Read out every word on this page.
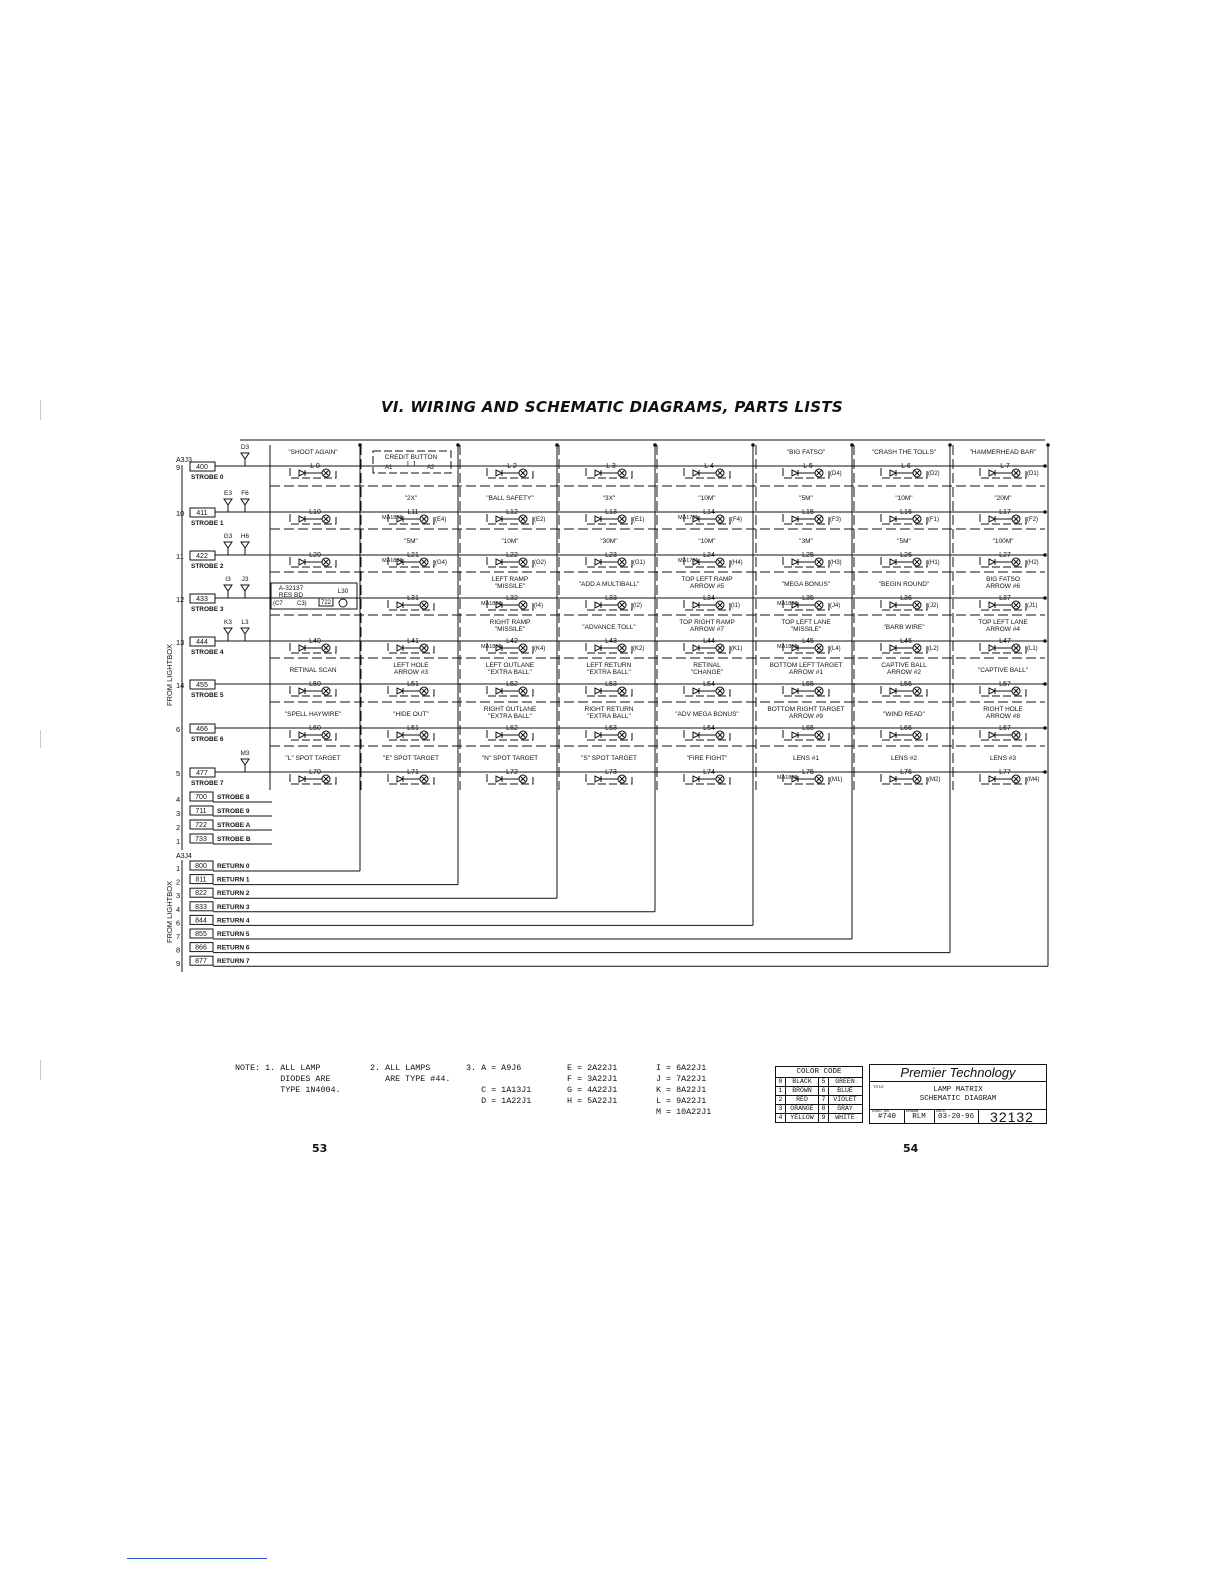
VI. WIRING AND SCHEMATIC DIAGRAMS, PARTS LISTS
A3J3
A3J4
FROM LIGHTBOX
FROM LIGHTBOX
400
9
STROBE 0
D3
411
10
STROBE 1
F6
E3
422
11
STROBE 2
H6
G3
433
12
STROBE 3
J3
I3
444
13
STROBE 4
L3
K3
455
14
STROBE 5
466
6
STROBE 6
477
5
STROBE 7
M3
700
4	STROBE 8
711
3	STROBE 9
722
2	STROBE A
733
1	STROBE B
800
1	RETURN 0
811
2	RETURN 1
822
3	RETURN 2
833
4	RETURN 3
844
6	RETURN 4
855
7	RETURN 5
866
8	RETURN 6
877
9	RETURN 7
"SHOOT AGAIN"
L 0	L 2	L 3	L 4
"BIG FATSO"
L 5
(D4)
"CRASH THE TOLLS"
L 6
(D2)
"HAMMERHEAD BAR"
L 7
(D1)
L10
"2X"
L11
MA1868	(E4)
"BALL SAFETY"
L12
(E2)
"3X"
L13
(E1)
"10M"
L14
MA1765	(F4)
"5M"
L15
(F3)
"10M"
L16
(F1)
"20M"
L17
(F2)
L20
"5M"
L21
MA1868	(G4)
"10M"
L22
(G2)
"30M"
L23
(G1)
"10M"
L24
MA1765	(H4)
"3M"
L25
(H3)
"5M"
L26
(H1)
"100M"
L27
(H2)
L31
LEFT RAMP
"MISSILE"
L32
MA1868	(I4)
"ADD A MULTIBALL"
L33
(I2)
TOP LEFT RAMP
ARROW #5
L34
(I1)
"MEGA BONUS"
L35
MA1868	(J4)
"BEGIN ROUND"
L36
(J2)
BIG FATSO
ARROW #6
L37
(J1)
L40	L41
RIGHT RAMP
"MISSILE"
L42
MA1868	(K4)
"ADVANCE TOLL"
L43
(K2)
TOP RIGHT RAMP
ARROW #7
L44
(K1)
TOP LEFT LANE
"MISSILE"
L45
MA1868	(L4)
"BARB WIRE"
L46
(L2)
TOP LEFT LANE
ARROW #4
L47
(L1)
RETINAL SCAN
L50
LEFT HOLE
ARROW #3
L51
LEFT OUTLANE
"EXTRA BALL"
L52
LEFT RETURN
"EXTRA BALL"
L53
RETINAL
"CHANGE"
L54
BOTTOM LEFT TARGET
ARROW #1
L55
CAPTIVE BALL
ARROW #2
L56
"CAPTIVE BALL"
L57
"SPELL HAYWIRE"
L60
"HIDE OUT"
L61
RIGHT OUTLANE
"EXTRA BALL"
L62
RIGHT RETURN
"EXTRA BALL"
L63
"ADV MEGA BONUS"
L64
BOTTOM RIGHT TARGET
ARROW #9
L65
"WIND READ"
L66
RIGHT HOLE
ARROW #8
L67
"L" SPOT TARGET
L70
"E" SPOT TARGET
L71
"N" SPOT TARGET
L72
"S" SPOT TARGET
L73
"FIRE FIGHT"
L74
LENS #1
L75
MA1868	(M1)
LENS #2
L76
(M2)
LENS #3
L77
(M4)
CREDIT BUTTON
A1 L 1 A2
A-32137
RES BD
(C7 C3) 722
L30
NOTE: 1. ALL LAMP
DIODES ARE
TYPE 1N4004.
2. ALL LAMPS
ARE TYPE #44.
3. A = A9J6

C = 1A13J1
D = 1A22J1
E = 2A22J1
F = 3A22J1
G = 4A22J1
H = 5A22J1
I = 6A22J1
J = 7A22J1
K = 8A22J1
L = 9A22J1
M = 10A22J1
COLOR CODE
0	BLACK	5	GREEN
1	BROWN	6	BLUE
2	RED	7	VIOLET
3	ORANGE	8	GRAY
4	YELLOW	9	WHITE
Premier Technology
TITLE	LAMP MATRIX
SCHEMATIC DIAGRAM
USED ON
#740
DRAWN
RLM
DATE
03-20-96	32132
53	54
